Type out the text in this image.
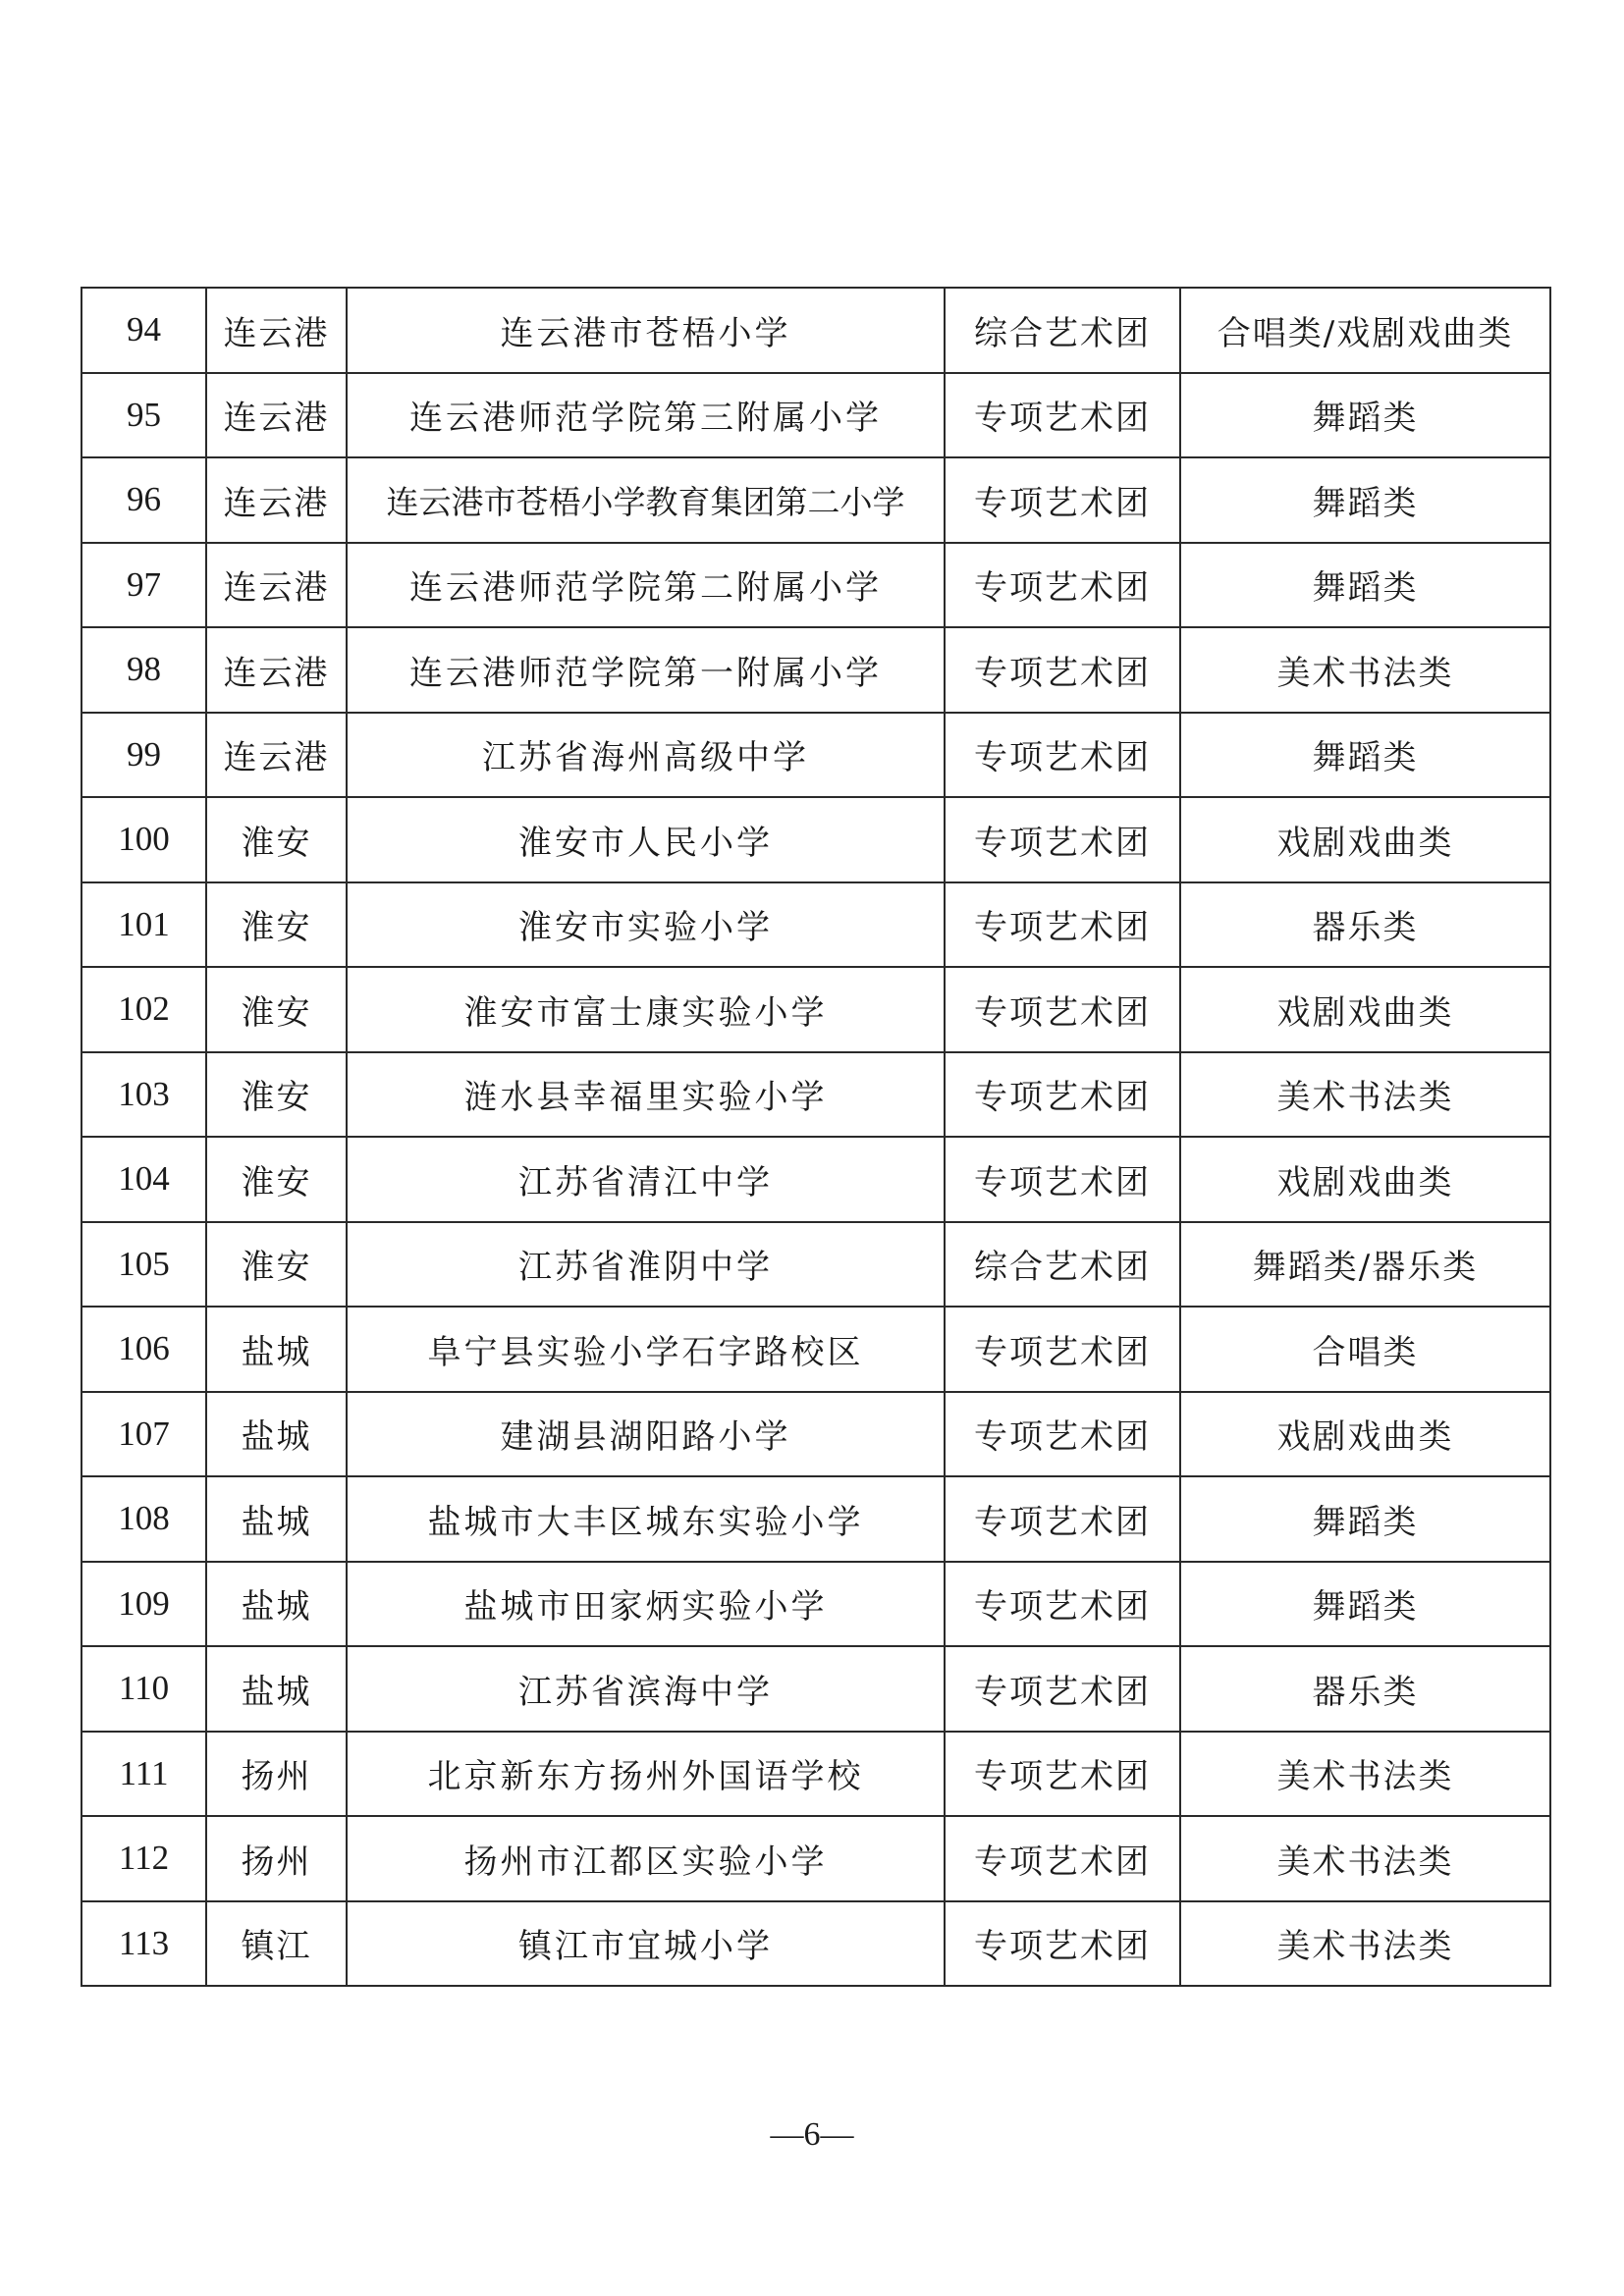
94	连云港	连云港市苍梧小学	综合艺术团	合唱类/戏剧戏曲类
95	连云港	连云港师范学院第三附属小学	专项艺术团	舞蹈类
96	连云港	连云港市苍梧小学教育集团第二小学	专项艺术团	舞蹈类
97	连云港	连云港师范学院第二附属小学	专项艺术团	舞蹈类
98	连云港	连云港师范学院第一附属小学	专项艺术团	美术书法类
99	连云港	江苏省海州高级中学	专项艺术团	舞蹈类
100	淮安	淮安市人民小学	专项艺术团	戏剧戏曲类
101	淮安	淮安市实验小学	专项艺术团	器乐类
102	淮安	淮安市富士康实验小学	专项艺术团	戏剧戏曲类
103	淮安	涟水县幸福里实验小学	专项艺术团	美术书法类
104	淮安	江苏省清江中学	专项艺术团	戏剧戏曲类
105	淮安	江苏省淮阴中学	综合艺术团	舞蹈类/器乐类
106	盐城	阜宁县实验小学石字路校区	专项艺术团	合唱类
107	盐城	建湖县湖阳路小学	专项艺术团	戏剧戏曲类
108	盐城	盐城市大丰区城东实验小学	专项艺术团	舞蹈类
109	盐城	盐城市田家炳实验小学	专项艺术团	舞蹈类
110	盐城	江苏省滨海中学	专项艺术团	器乐类
111	扬州	北京新东方扬州外国语学校	专项艺术团	美术书法类
112	扬州	扬州市江都区实验小学	专项艺术团	美术书法类
113	镇江	镇江市宜城小学	专项艺术团	美术书法类
—6—
